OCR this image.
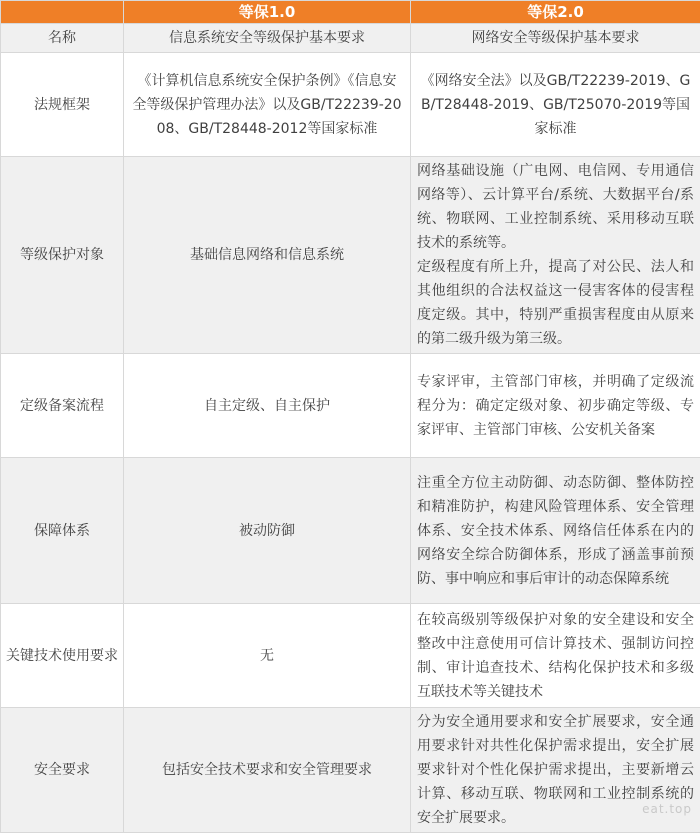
	等保1.0	等保2.0
名称	信息系统安全等级保护基本要求	网络安全等级保护基本要求

法规框架	《计算机信息系统安全保护条例》《信息安 全等级保护管理办法》以及GB/T22239-2008、GB/T28448-2012等国家标准	《网络安全法》以及GB/T22239-2019、GB/T28448-2019、GB/T25070-2019等国家标准

等级保护对象	基础信息网络和信息系统	网络基础设施（广电网、电信网、专用通信网络等）、云计算平台/系统、大数据平台/系统、物联网、工业控制系统、采用移动互联技术的系统等。
定级程度有所上升，提高了对公民、法人和其他组织的合法权益这一侵害客体的侵害程度定级。其中，特别严重损害程度由从原来的第二级升级为第三级。

定级备案流程	自主定级、自主保护	专家评审，主管部门审核，并明确了定级流程分为：确定定级对象、初步确定等级、专家评审、主管部门审核、公安机关备案

保障体系	被动防御	注重全方位主动防御、动态防御、整体防控和精准防护，构建风险管理体系、安全管理体系、安全技术体系、网络信任体系在内的网络安全综合防御体系，形成了涵盖事前预防、事中响应和事后审计的动态保障系统

关键技术使用要求	无	在较高级别等级保护对象的安全建设和安全整改中注意使用可信计算技术、强制访问控制、审计追查技术、结构化保护技术和多级互联技术等关键技术

安全要求	包括安全技术要求和安全管理要求	分为安全通用要求和安全扩展要求，安全通用要求针对共性化保护需求提出，安全扩展要求针对个性化保护需求提出，主要新增云计算、移动互联、物联网和工业控制系统的安全扩展要求。	eat.top
